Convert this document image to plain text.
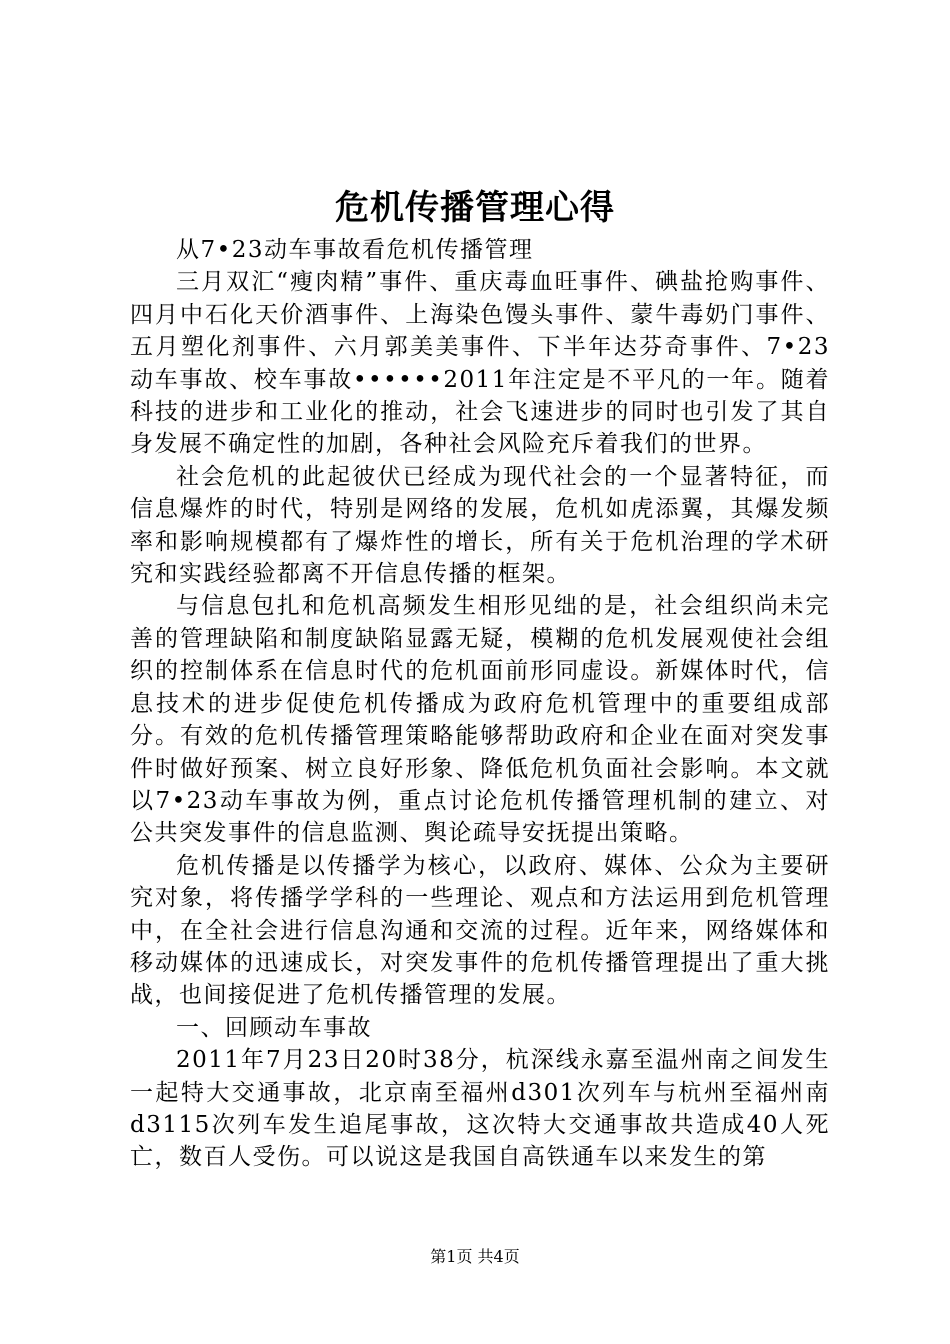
危机传播管理心得

从7•23动车事故看危机传播管理

三月双汇“瘦肉精”事件、重庆毒血旺事件、碘盐抢购事件、四月中石化天价酒事件、上海染色馒头事件、蒙牛毒奶门事件、五月塑化剂事件、六月郭美美事件、下半年达芬奇事件、7•23动车事故、校车事故••••••2011年注定是不平凡的一年。随着科技的进步和工业化的推动，社会飞速进步的同时也引发了其自身发展不确定性的加剧，各种社会风险充斥着我们的世界。

社会危机的此起彼伏已经成为现代社会的一个显著特征，而信息爆炸的时代，特别是网络的发展，危机如虎添翼，其爆发频率和影响规模都有了爆炸性的增长，所有关于危机治理的学术研究和实践经验都离不开信息传播的框架。

与信息包扎和危机高频发生相形见绌的是，社会组织尚未完善的管理缺陷和制度缺陷显露无疑，模糊的危机发展观使社会组织的控制体系在信息时代的危机面前形同虚设。新媒体时代，信息技术的进步促使危机传播成为政府危机管理中的重要组成部分。有效的危机传播管理策略能够帮助政府和企业在面对突发事件时做好预案、树立良好形象、降低危机负面社会影响。本文就以7•23动车事故为例，重点讨论危机传播管理机制的建立、对公共突发事件的信息监测、舆论疏导安抚提出策略。

危机传播是以传播学为核心，以政府、媒体、公众为主要研究对象，将传播学学科的一些理论、观点和方法运用到危机管理中，在全社会进行信息沟通和交流的过程。近年来，网络媒体和移动媒体的迅速成长，对突发事件的危机传播管理提出了重大挑战，也间接促进了危机传播管理的发展。

一、回顾动车事故

2011年7月23日20时38分，杭深线永嘉至温州南之间发生一起特大交通事故，北京南至福州d301次列车与杭州至福州南d3115次列车发生追尾事故，这次特大交通事故共造成40人死亡，数百人受伤。可以说这是我国自高铁通车以来发生的第

第1页 共4页
